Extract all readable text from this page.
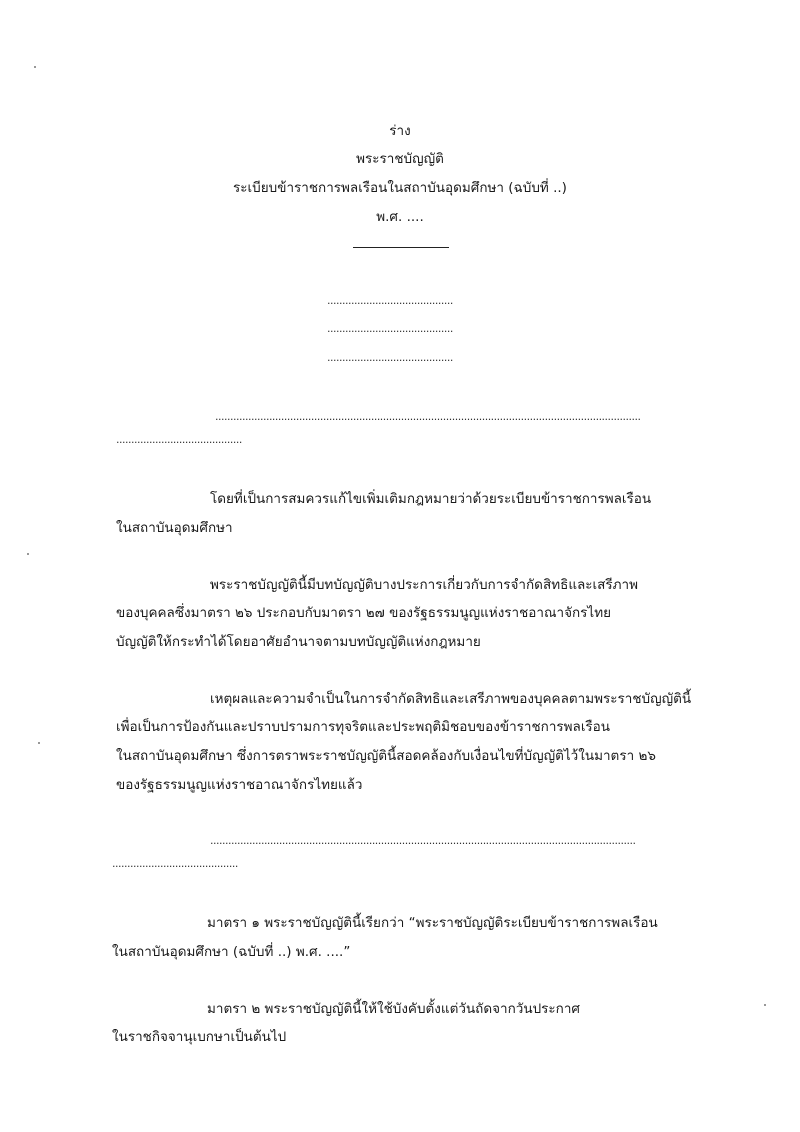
ร่าง
พระราชบัญญัติ
ระเบียบข้าราชการพลเรือนในสถาบันอุดมศึกษา (ฉบับที่ ..)
พ.ศ. ....
..........................................
..........................................
..........................................
..............................................................................................................................................
..........................................
โดยที่เป็นการสมควรแก้ไขเพิ่มเติมกฎหมายว่าด้วยระเบียบข้าราชการพลเรือน
ในสถาบันอุดมศึกษา
พระราชบัญญัตินี้มีบทบัญญัติบางประการเกี่ยวกับการจำกัดสิทธิและเสรีภาพ
ของบุคคลซึ่งมาตรา ๒๖ ประกอบกับมาตรา ๒๗ ของรัฐธรรมนูญแห่งราชอาณาจักรไทย
บัญญัติให้กระทำได้โดยอาศัยอำนาจตามบทบัญญัติแห่งกฎหมาย
เหตุผลและความจำเป็นในการจำกัดสิทธิและเสรีภาพของบุคคลตามพระราชบัญญัตินี้
เพื่อเป็นการป้องกันและปราบปรามการทุจริตและประพฤติมิชอบของข้าราชการพลเรือน
ในสถาบันอุดมศึกษา ซึ่งการตราพระราชบัญญัตินี้สอดคล้องกับเงื่อนไขที่บัญญัติไว้ในมาตรา ๒๖
ของรัฐธรรมนูญแห่งราชอาณาจักรไทยแล้ว
..............................................................................................................................................
..........................................
มาตรา ๑ พระราชบัญญัตินี้เรียกว่า “พระราชบัญญัติระเบียบข้าราชการพลเรือน
ในสถาบันอุดมศึกษา (ฉบับที่ ..) พ.ศ. ....”
มาตรา ๒ พระราชบัญญัตินี้ให้ใช้บังคับตั้งแต่วันถัดจากวันประกาศ
ในราชกิจจานุเบกษาเป็นต้นไป
